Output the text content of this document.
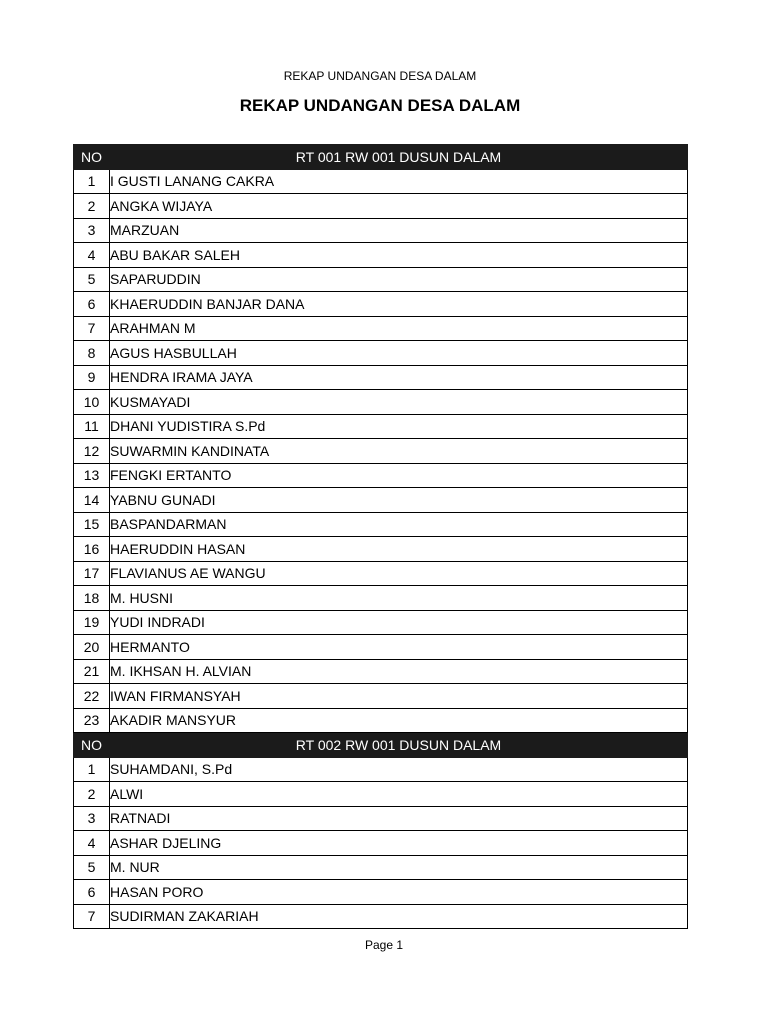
REKAP UNDANGAN DESA DALAM
REKAP UNDANGAN DESA DALAM
NO	RT 001 RW 001 DUSUN DALAM
1	I GUSTI LANANG CAKRA
2	ANGKA WIJAYA
3	MARZUAN
4	ABU BAKAR SALEH
5	SAPARUDDIN
6	KHAERUDDIN BANJAR DANA
7	ARAHMAN M
8	AGUS HASBULLAH
9	HENDRA IRAMA JAYA
10	KUSMAYADI
11	DHANI YUDISTIRA S.Pd
12	SUWARMIN KANDINATA
13	FENGKI ERTANTO
14	YABNU GUNADI
15	BASPANDARMAN
16	HAERUDDIN HASAN
17	FLAVIANUS AE WANGU
18	M. HUSNI
19	YUDI INDRADI
20	HERMANTO
21	M. IKHSAN H. ALVIAN
22	IWAN FIRMANSYAH
23	AKADIR MANSYUR
NO	RT 002 RW 001 DUSUN DALAM
1	SUHAMDANI, S.Pd
2	ALWI
3	RATNADI
4	ASHAR DJELING
5	M. NUR
6	HASAN PORO
7	SUDIRMAN ZAKARIAH
Page 1
